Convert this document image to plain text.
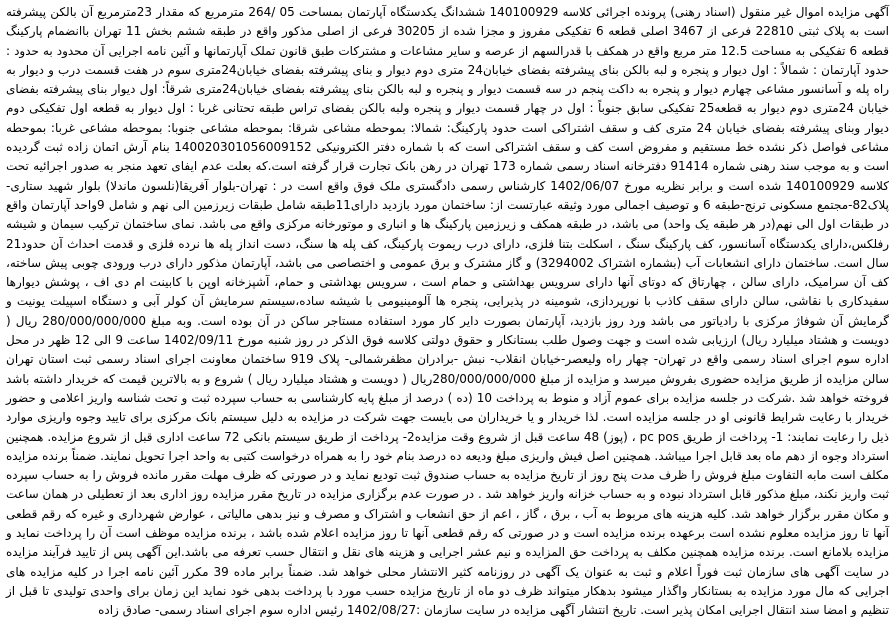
آگهی مزایده اموال غیر منقول (اسناد رهنی) پرونده اجرائی کلاسه 140100929 ششدانگ یکدستگاه آپارتمان بمساحت 05 /264 مترمربع که مقدار 23مترمربع آن بالکن پیشرفته است به پلاک ثبتی 22810 فرعی از 3467 اصلی قطعه 6 تفکیکی مفروز و مجزا شده از 30205 فرعی از اصلی مذکور واقع در طبقه ششم بخش 11 تهران باانضمام پارکینگ قطعه 6 تفکیکی به مساحت 12.5 متر مربع واقع در همکف با قدرالسهم از عرصه و سایر مشاعات و مشترکات طبق قانون تملک آپارتمانها و آئین نامه اجرایی آن محدود به حدود : حدود آپارتمان : شمالاً : اول دیوار و پنجره و لبه بالکن بنای پیشرفته بفضای خیابان24 متری دوم دیوار و بنای پیشرفته بفضای خیابان24متری سوم در هفت قسمت درب و دیوار به راه پله و آسانسور مشاعی چهارم دیوار و پنجره به داکت پنجم در سه قسمت دیوار و پنجره و لبه بالکن بنای پیشرفته بفضای خیابان24متری شرقاً: اول دیوار بنای پیشرفته بفضای خیابان 24متری دوم دیوار به قطعه25 تفکیکی سابق جنوباً : اول در چهار قسمت دیوار و پنجره ولبه بالکن بفضای تراس طبقه تحتانی غربا : اول دیوار به قطعه اول تفکیکی دوم دیوار وبنای پیشرفته بفضای خیابان 24 متری کف و سقف اشتراکی است حدود پارکینگ: شمالا: بموحطه مشاعی شرقا: بموحطه مشاعی جنوبا: بموحطه مشاعی غربا: بموحطه مشاعی فواصل ذکر نشده خط مستقیم و مفروض است کف و سقف اشتراکی است که با شماره دفتر الکترونیکی 140020301056009152 بنام آرش اتمان زاده ثبت گردیده است و به موجب سند رهنی شماره 91414 دفترخانه اسناد رسمی شماره 173 تهران در رهن بانک تجارت قرار گرفته است.که بعلت عدم ایفای تعهد منجر به صدور اجرائیه تحت کلاسه 140100929 شده است و برابر نظریه مورخ 1402/06/07 کارشناس رسمی دادگستری ملک فوق واقع است در : تهران-بلوار آفریقا(نلسون ماندلا) بلوار شهید ستاری-پلاک82-مجتمع مسکونی ترنج-طبقه 6 و توصیف اجمالی مورد وثیقه عبارتست از: ساختمان مورد بازدید دارای11طبقه شامل طبقات زیرزمین الی نهم و شامل 9واحد آپارتمان واقع در طبقات اول الی نهم(در هر طبقه یک واحد) می باشد، در طبقه همکف و زیرزمین پارکینگ ها و انباری و موتورخانه مرکزی واقع می باشد. نمای ساختمان ترکیب سیمان و شیشه رفلکس،دارای یکدستگاه آسانسور، کف پارکینگ سنگ ، اسکلت بتنا فلزی، دارای درب ریموت پارکینگ، کف پله ها سنگ، دست انداز پله ها نرده فلزی و قدمت احداث آن حدود21 سال است. ساختمان دارای انشعابات آب (بشماره اشتراک 3294002) و گاز مشترک و برق عمومی و اختصاصی می باشد، آپارتمان مذکور دارای درب ورودی چوبی پیش ساخته، کف آن سرامیک، دارای سالن ، چهارتاق که دوتای آنها دارای سرویس بهداشتی و حمام است ، سرویس بهداشتی و حمام، آشپزخانه اوپن با کابینت ام دی اف ، پوشش دیوارها سفیدکاری با نقاشی، سالن دارای سقف کاذب با نورپردازی، شومینه در پذیرایی، پنجره ها آلومینیومی با شیشه ساده،سیستم سرمایش آن کولر آبی و دستگاه اسپیلت یونیت و گرمایش آن شوفاژ مرکزی با رادیاتور می باشد ورد روز بازدید، آپارتمان بصورت دایر کار مورد استفاده مستاجر ساکن در آن بوده است. وبه مبلغ 280/000/000/000 ریال ( دویست و هشتاد میلیارد ریال) ارزیابی شده است و جهت وصول طلب بستانکار و حقوق دولتی کلاسه فوق الذکر در روز شنبه مورخ 1402/09/11 ساعت 9 الی 12 ظهر در محل اداره سوم اجرای اسناد رسمی واقع در تهران- چهار راه ولیعصر-خیابان انقلاب- نبش -برادران مظفرشمالی- پلاک 919 ساختمان معاونت اجرای اسناد رسمی ثبت استان تهران سالن مزایده از طریق مزایده حضوری بفروش میرسد و مزایده از مبلغ 280/000/000/000ریال ( دویست و هشتاد میلیارد ریال ) شروع و به بالاترین قیمت که خریدار داشته باشد فروخته خواهد شد .شرکت در جلسه مزایده برای عموم آزاد و منوط به پرداخت 10 (ده ) درصد از مبلغ پایه کارشناسی به حساب سپرده ثبت و تحت شناسه واریز اعلامی و حضور خریدار با رعایت شرایط قانونی او در جلسه مزایده است. لذا خریدار و یا خریداران می بایست جهت شرکت در مزایده به دلیل سیستم بانک مرکزی برای تایید وجوه واریزی موارد ذیل را رعایت نمایند: 1- پرداخت از طریق pc pos ، (پوز) 48 ساعت قبل از شروع وقت مزایده2- پرداخت از طریق سیستم بانکی 72 ساعت اداری قبل از شروع مزایده. همچنین استرداد وجوه از دهم ماه بعد قابل اجرا میباشد. همچنین اصل فیش واریزی مبلغ ودیعه ده درصد بنام خود را به همراه درخواست کتبی به واحد اجرا تحویل نمایند. ضمناً برنده مزایده مکلف است مابه التفاوت مبلغ فروش را ظرف مدت پنج روز از تاریخ مزایده به حساب صندوق ثبت تودیع نماید و در صورتی که ظرف مهلت مقرر مانده فروش را به حساب سپرده ثبت واریز نکند، مبلغ مذکور قابل استرداد نبوده و به حساب خزانه واریز خواهد شد . در صورت عدم برگزاری مزایده در تاریخ مقرر مزایده روز اداری بعد از تعطیلی در همان ساعت و مکان مقرر برگزار خواهد شد. کلیه هزینه های مربوط به آب ، برق ، گاز ، اعم از حق انشعاب و اشتراک و مصرف و نیز بدهی مالیاتی ، عوارض شهرداری و غیره که رقم قطعی آنها تا روز مزایده معلوم نشده است برعهده برنده مزایده است و در صورتی که رقم قطعی آنها تا روز مزایده اعلام شده باشد ، برنده مزایده موظف است آن را پرداخت نماید و مزایده بلامانع است. برنده مزایده همچنین مکلف به پرداخت حق المزایده و نیم عشر اجرایی و هزینه های نقل و انتقال حسب تعرفه می باشد.این آگهی پس از تایید فرآیند مزایده در سایت آگهی های سازمان ثبت فوراً اعلام و ثبت به عنوان یک آگهی در روزنامه کثیر الانتشار محلی خواهد شد. ضمناً برابر ماده 39 مکرر آئین نامه اجرا در کلیه مزایده های اجرایی که مال مورد مزایده به بستانکار واگذار میشود بدهکار میتواند ظرف دو ماه از تاریخ مزایده حسب مورد با پرداخت بدهی خود نماید این زمان برای واحدی تولیدی تا قبل از تنظیم و امضا سند انتقال اجرایی امکان پذیر است. تاریخ انتشار آگهی مزایده در سایت سازمان :1402/08/27 رئیس اداره سوم اجرای اسناد رسمی- صادق زاده
